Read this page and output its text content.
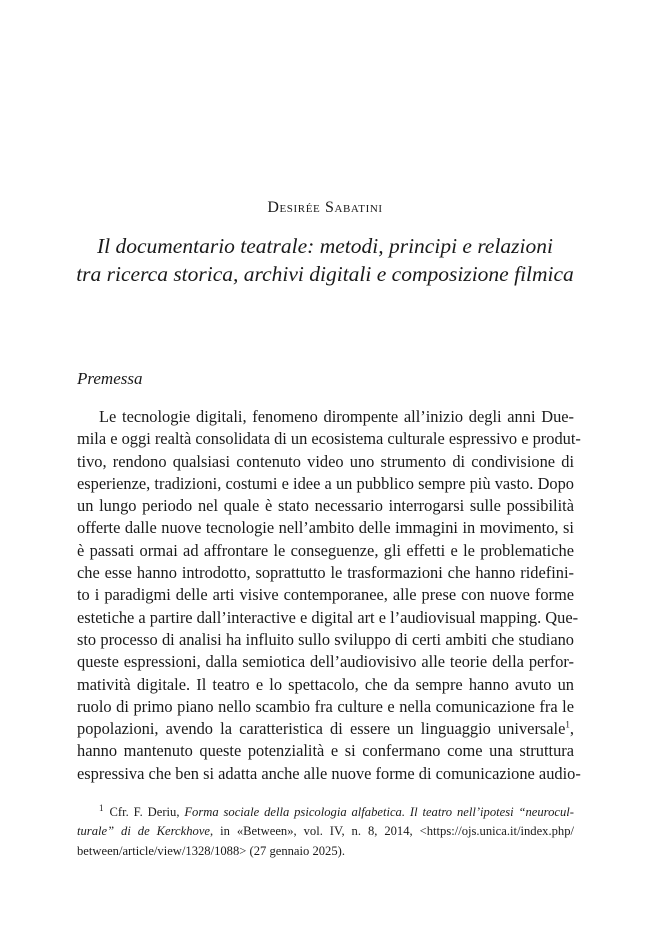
Desirée Sabatini
Il documentario teatrale: metodi, principi e relazioni
tra ricerca storica, archivi digitali e composizione filmica
Premessa
Le tecnologie digitali, fenomeno dirompente all’inizio degli anni Due-
mila e oggi realtà consolidata di un ecosistema culturale espressivo e produt-
tivo, rendono qualsiasi contenuto video uno strumento di condivisione di
esperienze, tradizioni, costumi e idee a un pubblico sempre più vasto. Dopo
un lungo periodo nel quale è stato necessario interrogarsi sulle possibilità
offerte dalle nuove tecnologie nell’ambito delle immagini in movimento, si
è passati ormai ad affrontare le conseguenze, gli effetti e le problematiche
che esse hanno introdotto, soprattutto le trasformazioni che hanno ridefini-
to i paradigmi delle arti visive contemporanee, alle prese con nuove forme
estetiche a partire dall’interactive e digital art e l’audiovisual mapping. Que-
sto processo di analisi ha influito sullo sviluppo di certi ambiti che studiano
queste espressioni, dalla semiotica dell’audiovisivo alle teorie della perfor-
matività digitale. Il teatro e lo spettacolo, che da sempre hanno avuto un
ruolo di primo piano nello scambio fra culture e nella comunicazione fra le
popolazioni, avendo la caratteristica di essere un linguaggio universale$^1$,
hanno mantenuto queste potenzialità e si confermano come una struttura
espressiva che ben si adatta anche alle nuove forme di comunicazione audio-
$^1$ Cfr. F. Deriu, Forma sociale della psicologia alfabetica. Il teatro nell’ipotesi “neurocul-
turale” di de Kerckhove, in «Between», vol. IV, n. 8, 2014, <https://ojs.unica.it/index.php/
between/article/view/1328/1088> (27 gennaio 2025).
